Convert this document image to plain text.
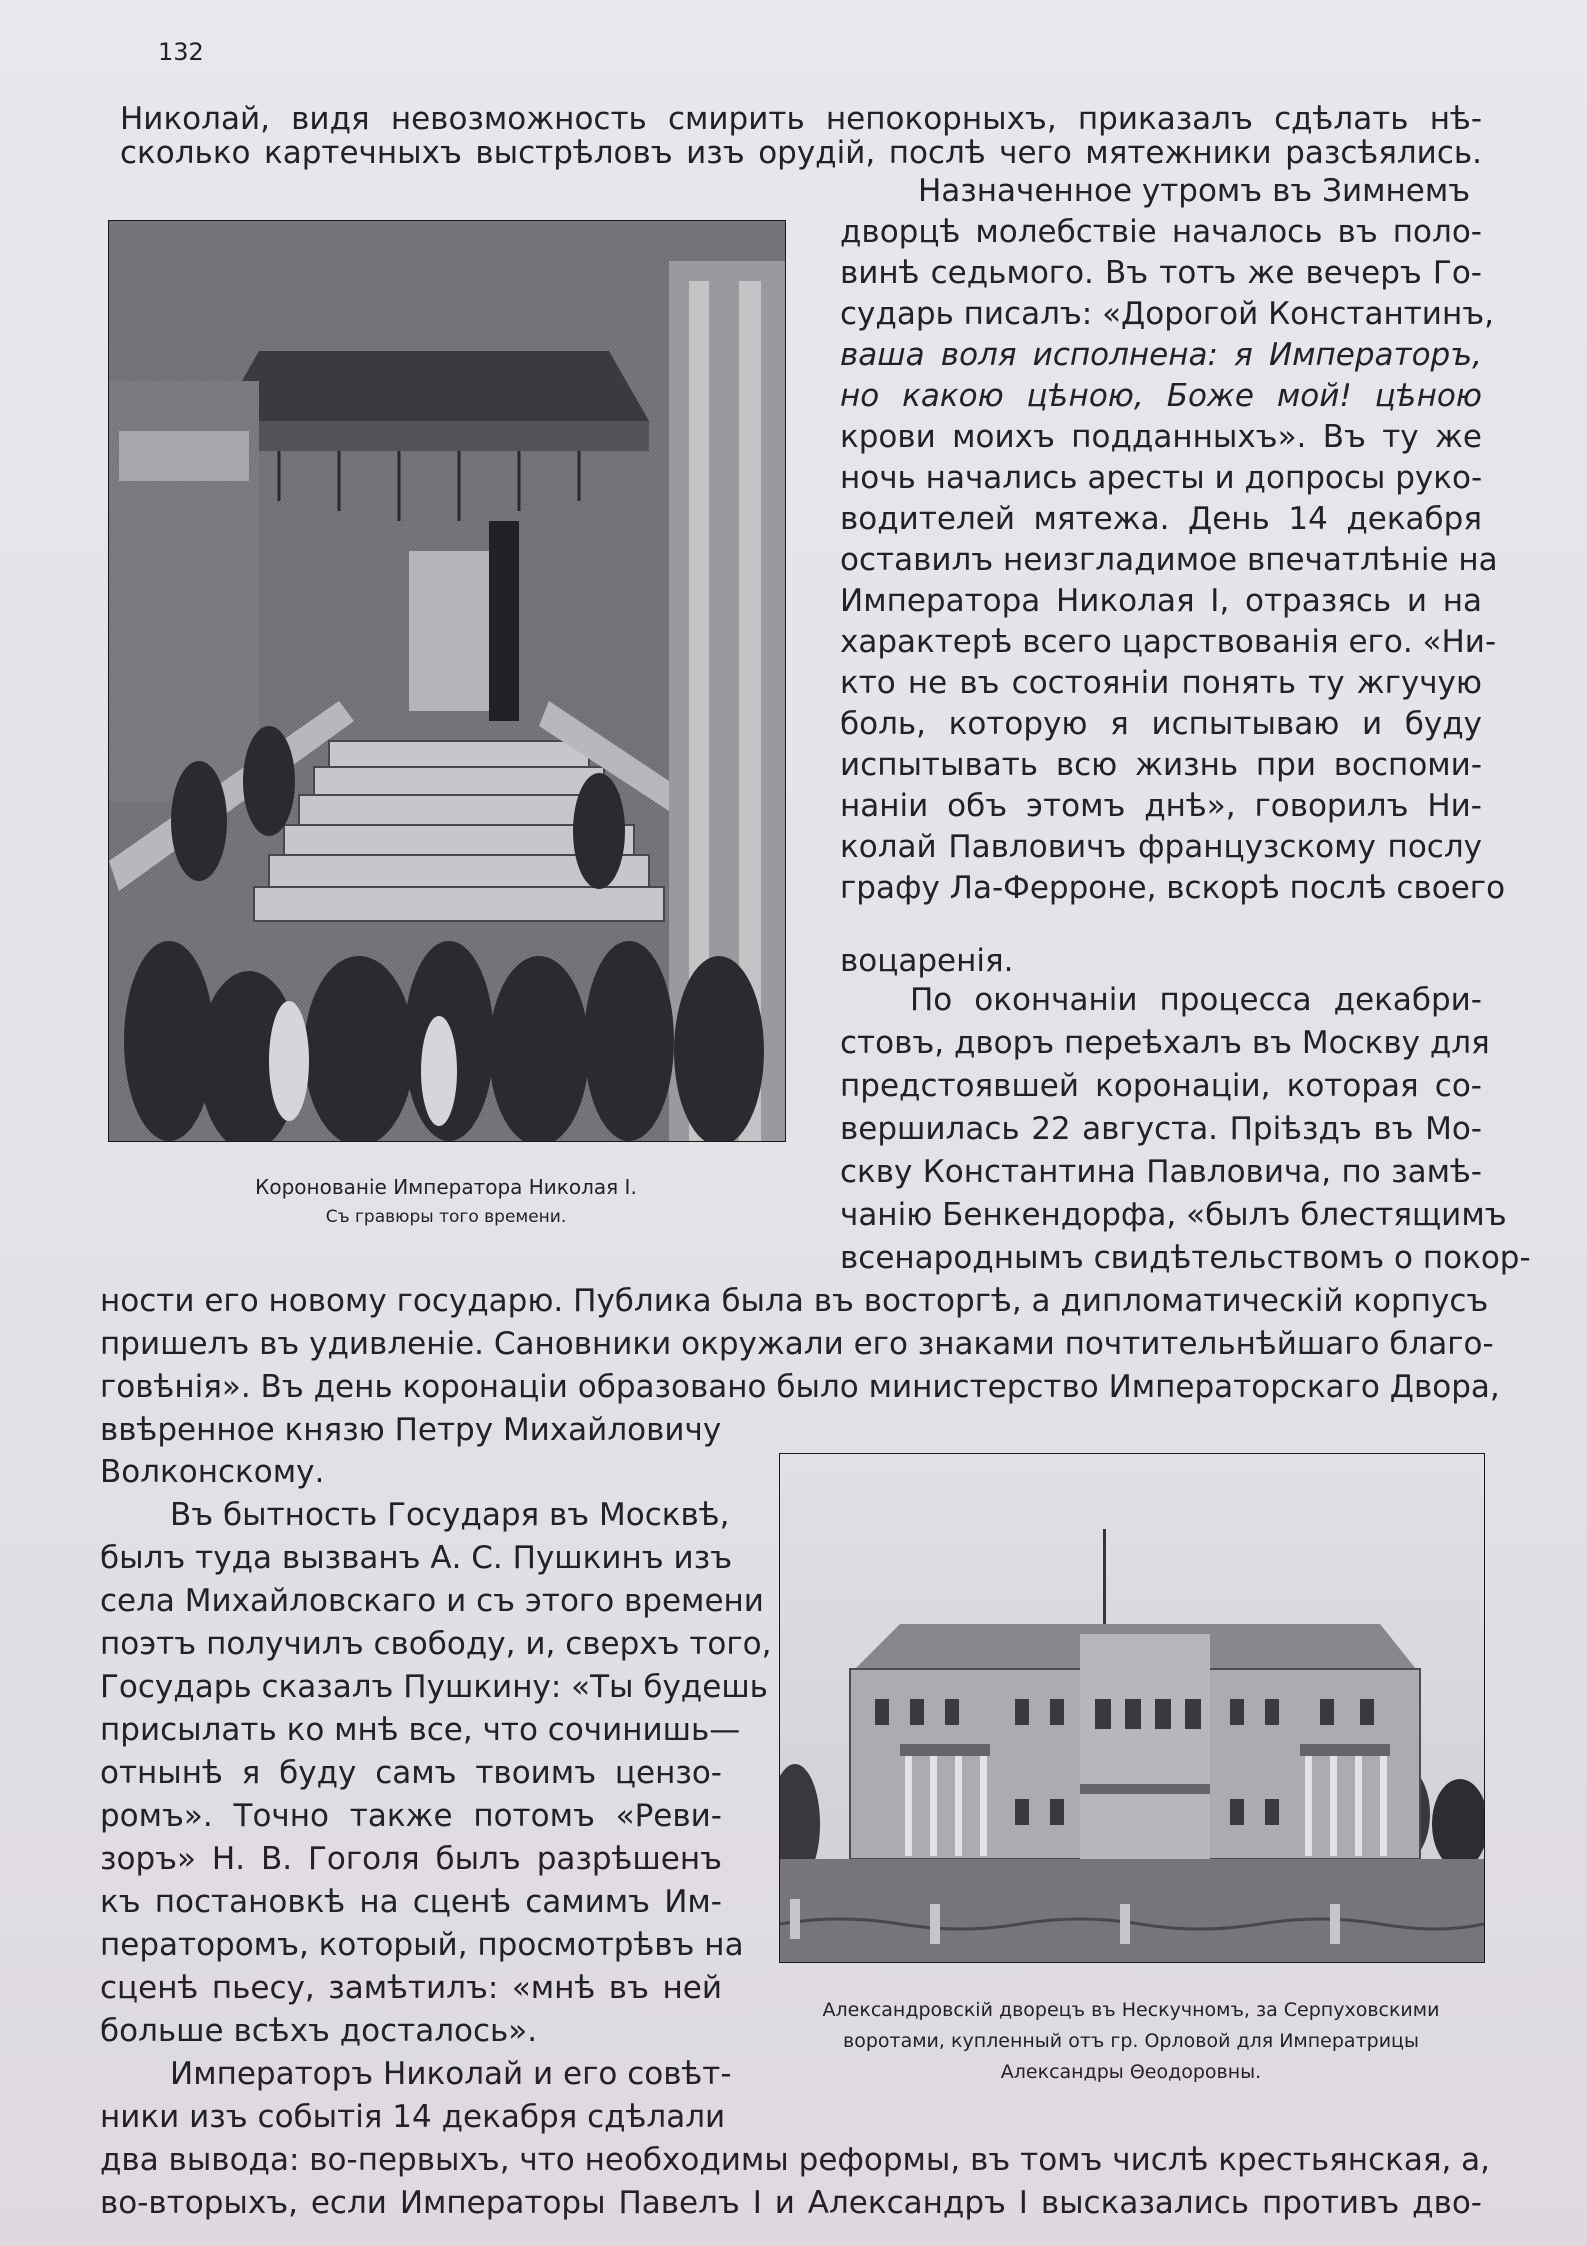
132
Николай, видя невозможность смирить непокорныхъ, приказалъ сдѣлать нѣ-
сколько картечныхъ выстрѣловъ изъ орудій, послѣ чего мятежники разсѣялись.
Назначенное утромъ въ Зимнемъ
дворцѣ молебствіе началось въ поло-
винѣ седьмого. Въ тотъ же вечеръ Го-
сударь писалъ: «Дорогой Константинъ,
ваша воля исполнена: я Императоръ,
но какою цѣною, Боже мой! цѣною
крови моихъ подданныхъ». Въ ту же
ночь начались аресты и допросы руко-
водителей мятежа. День 14 декабря
оставилъ неизгладимое впечатлѣніе на
Императора Николая I, отразясь и на
характерѣ всего царствованія его. «Ни-
кто не въ состояніи понять ту жгучую
боль, которую я испытываю и буду
испытывать всю жизнь при воспоми-
наніи объ этомъ днѣ», говорилъ Ни-
колай Павловичъ французскому послу
графу Ла-Ферроне, вскорѣ послѣ своего
воцаренія.
По окончаніи процесса декабри-
стовъ, дворъ переѣхалъ въ Москву для
предстоявшей коронаціи, которая со-
вершилась 22 августа. Пріѣздъ въ Мо-
скву Константина Павловича, по замѣ-
чанію Бенкендорфа, «былъ блестящимъ
всенароднымъ свидѣтельствомъ о покор-
ности его новому государю. Публика была въ восторгѣ, а дипломатическій корпусъ
пришелъ въ удивленіе. Сановники окружали его знаками почтительнѣйшаго благо-
говѣнія». Въ день коронаціи образовано было министерство Императорскаго Двора,
ввѣренное князю Петру Михайловичу
Волконскому.
Въ бытность Государя въ Москвѣ,
былъ туда вызванъ А. С. Пушкинъ изъ
села Михайловскаго и съ этого времени
поэтъ получилъ свободу, и, сверхъ того,
Государь сказалъ Пушкину: «Ты будешь
присылать ко мнѣ все, что сочинишь—
отнынѣ я буду самъ твоимъ цензо-
ромъ». Точно также потомъ «Реви-
зоръ» Н. В. Гоголя былъ разрѣшенъ
къ постановкѣ на сценѣ самимъ Им-
ператоромъ, который, просмотрѣвъ на
сценѣ пьесу, замѣтилъ: «мнѣ въ ней
больше всѣхъ досталось».
Императоръ Николай и его совѣт-
ники изъ событія 14 декабря сдѣлали
два вывода: во-первыхъ, что необходимы реформы, въ томъ числѣ крестьянская, а,
во-вторыхъ, если Императоры Павелъ I и Александръ I высказались противъ дво-
Коронованіе Императора Николая I.
Съ гравюры того времени.
Александровскій дворецъ въ Нескучномъ, за Серпуховскими
воротами, купленный отъ гр. Орловой для Императрицы
Александры Θеодоровны.
